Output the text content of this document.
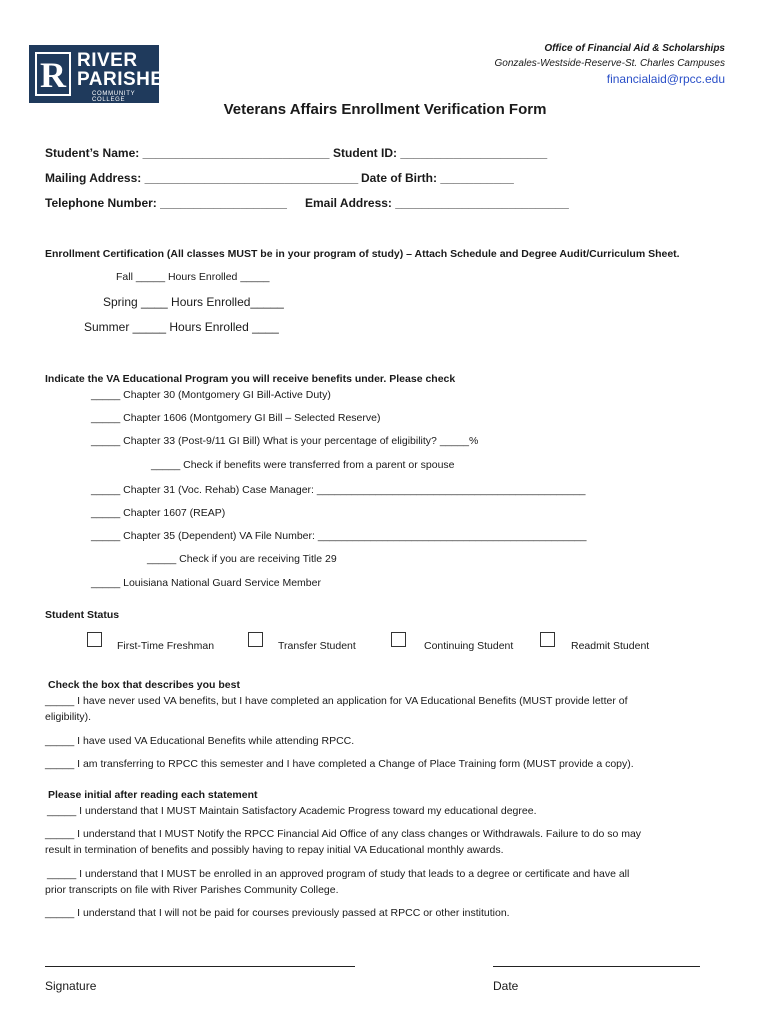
R RIVER
PARISHES
COMMUNITY COLLEGE
Office of Financial Aid & Scholarships
Gonzales-Westside-Reserve-St. Charles Campuses
financialaid@rpcc.edu
Veterans Affairs Enrollment Verification Form
Student’s Name: ____________________________ Student ID: ______________________
Mailing Address: ________________________________ Date of Birth: ___________
Telephone Number: ___________________ Email Address: __________________________
Enrollment Certification (All classes MUST be in your program of study) – Attach Schedule and Degree Audit/Curriculum Sheet.
Fall _____ Hours Enrolled _____
Spring ____ Hours Enrolled_____
Summer _____ Hours Enrolled ____
Indicate the VA Educational Program you will receive benefits under. Please check
_____ Chapter 30 (Montgomery GI Bill-Active Duty)
_____ Chapter 1606 (Montgomery GI Bill – Selected Reserve)
_____ Chapter 33 (Post-9/11 GI Bill) What is your percentage of eligibility? _____%
_____ Check if benefits were transferred from a parent or spouse
_____ Chapter 31 (Voc. Rehab) Case Manager: ______________________________________________
_____ Chapter 1607 (REAP)
_____ Chapter 35 (Dependent) VA File Number: ______________________________________________
_____ Check if you are receiving Title 29
_____ Louisiana National Guard Service Member
Student Status
First-Time Freshman	Transfer Student	Continuing Student	Readmit Student
Check the box that describes you best
_____ I have never used VA benefits, but I have completed an application for VA Educational Benefits (MUST provide letter of
eligibility).
_____ I have used VA Educational Benefits while attending RPCC.
_____ I am transferring to RPCC this semester and I have completed a Change of Place Training form (MUST provide a copy).
Please initial after reading each statement
_____ I understand that I MUST Maintain Satisfactory Academic Progress toward my educational degree.
_____ I understand that I MUST Notify the RPCC Financial Aid Office of any class changes or Withdrawals. Failure to do so may
result in termination of benefits and possibly having to repay initial VA Educational monthly awards.
_____ I understand that I MUST be enrolled in an approved program of study that leads to a degree or certificate and have all
prior transcripts on file with River Parishes Community College.
_____ I understand that I will not be paid for courses previously passed at RPCC or other institution.
Signature	Date
